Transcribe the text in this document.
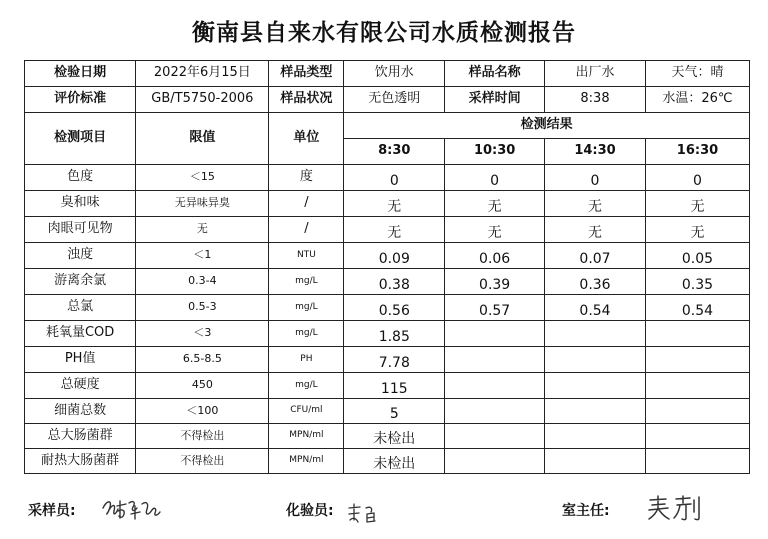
衡南县自来水有限公司水质检测报告
检验日期	2022年6月15日	样品类型	饮用水	样品名称	出厂水	天气：晴
评价标准	GB/T5750-2006	样品状况	无色透明	采样时间	8:38	水温：26℃
检测项目	限值	单位	检测结果			
			8:30	10:30	14:30	16:30
色度	＜15	度	0	0	0	0
臭和味	无异味异臭	/	无	无	无	无
肉眼可见物	无	/	无	无	无	无
浊度	＜1	NTU	0.09	0.06	0.07	0.05
游离余氯	0.3-4	mg/L	0.38	0.39	0.36	0.35
总氯	0.5-3	mg/L	0.56	0.57	0.54	0.54
耗氧量COD	＜3	mg/L	1.85			
PH值	6.5-8.5	PH	7.78			
总硬度	450	mg/L	115			
细菌总数	＜100	CFU/ml	5			
总大肠菌群	不得检出	MPN/ml	未检出			
耐热大肠菌群	不得检出	MPN/ml	未检出			
采样员:	化验员:	室主任:
